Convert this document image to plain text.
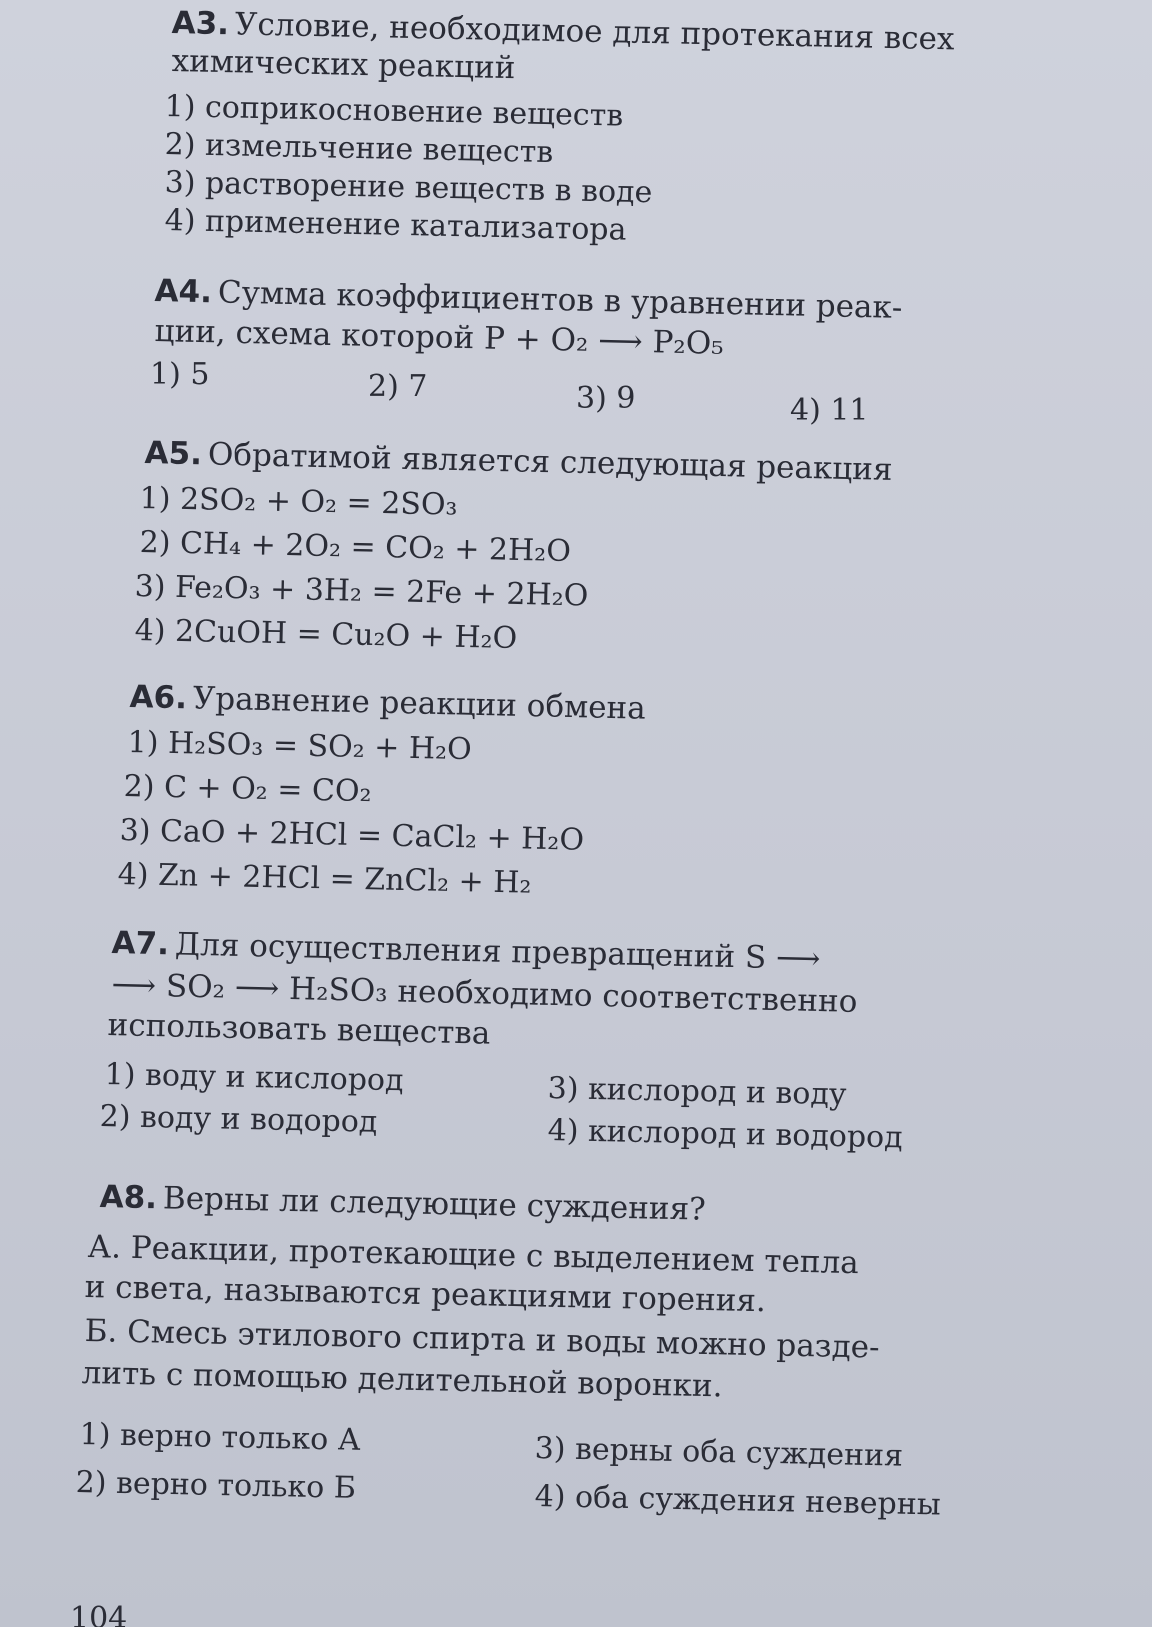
А3. Условие, необходимое для протекания всех
химических реакций
1) соприкосновение веществ
2) измельчение веществ
3) растворение веществ в воде
4) применение катализатора
А4. Сумма коэффициентов в уравнении реак-
ции, схема которой P + O₂ ⟶ P₂O₅
1) 5	2) 7	3) 9	4) 11
А5. Обратимой является следующая реакция
1) 2SO₂ + O₂ = 2SO₃
2) CH₄ + 2O₂ = CO₂ + 2H₂O
3) Fe₂O₃ + 3H₂ = 2Fe + 2H₂O
4) 2CuOH = Cu₂O + H₂O
А6. Уравнение реакции обмена
1) H₂SO₃ = SO₂ + H₂O
2) C + O₂ = CO₂
3) CaO + 2HCl = CaCl₂ + H₂O
4) Zn + 2HCl = ZnCl₂ + H₂
А7. Для осуществления превращений S ⟶
⟶ SO₂ ⟶ H₂SO₃ необходимо соответственно
использовать вещества
1) воду и кислород
2) воду и водород
3) кислород и воду
4) кислород и водород
А8. Верны ли следующие суждения?
А. Реакции, протекающие с выделением тепла
и света, называются реакциями горения.
Б. Смесь этилового спирта и воды можно разде-
лить с помощью делительной воронки.
1) верно только А
2) верно только Б
3) верны оба суждения
4) оба суждения неверны
104
